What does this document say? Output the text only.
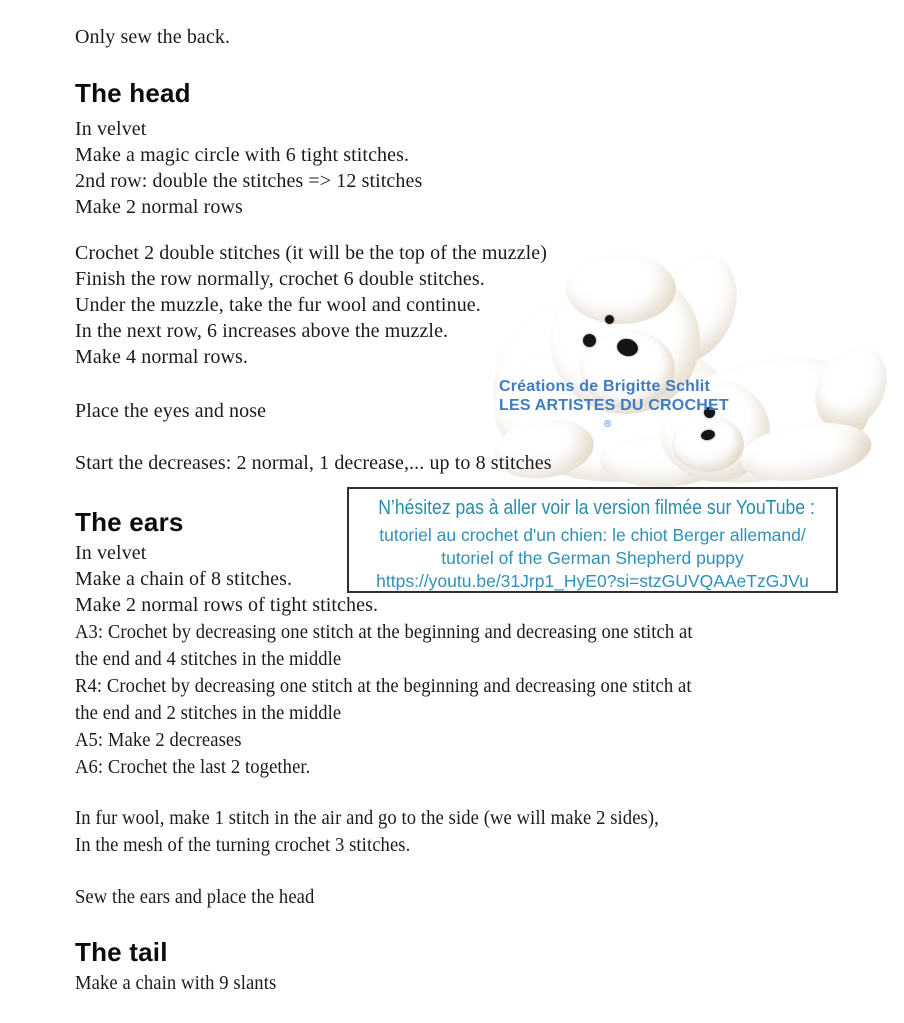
Créations de Brigitte Schlit
LES ARTISTES DU CROCHET
®
Only sew the back.
The head
In velvet
Make a magic circle with 6 tight stitches.
2nd row: double the stitches => 12 stitches
Make 2 normal rows
Crochet 2 double stitches (it will be the top of the muzzle)
Finish the row normally, crochet 6 double stitches.
Under the muzzle, take the fur wool and continue.
In the next row, 6 increases above the muzzle.
Make 4 normal rows.
Place the eyes and nose
Start the decreases: 2 normal, 1 decrease,... up to 8 stitches
The ears
In velvet
Make a chain of 8 stitches.
Make 2 normal rows of tight stitches.
A3: Crochet by decreasing one stitch at the beginning and decreasing one stitch at
the end and 4 stitches in the middle
R4: Crochet by decreasing one stitch at the beginning and decreasing one stitch at
the end and 2 stitches in the middle
A5: Make 2 decreases
A6: Crochet the last 2 together.
In fur wool, make 1 stitch in the air and go to the side (we will make 2 sides),
In the mesh of the turning crochet 3 stitches.
Sew the ears and place the head
The tail
Make a chain with 9 slants
N’hésitez pas à aller voir la version filmée sur YouTube :
tutoriel au crochet d'un chien: le chiot Berger allemand/
tutoriel of the German Shepherd puppy
https://youtu.be/31Jrp1_HyE0?si=stzGUVQAAeTzGJVu
